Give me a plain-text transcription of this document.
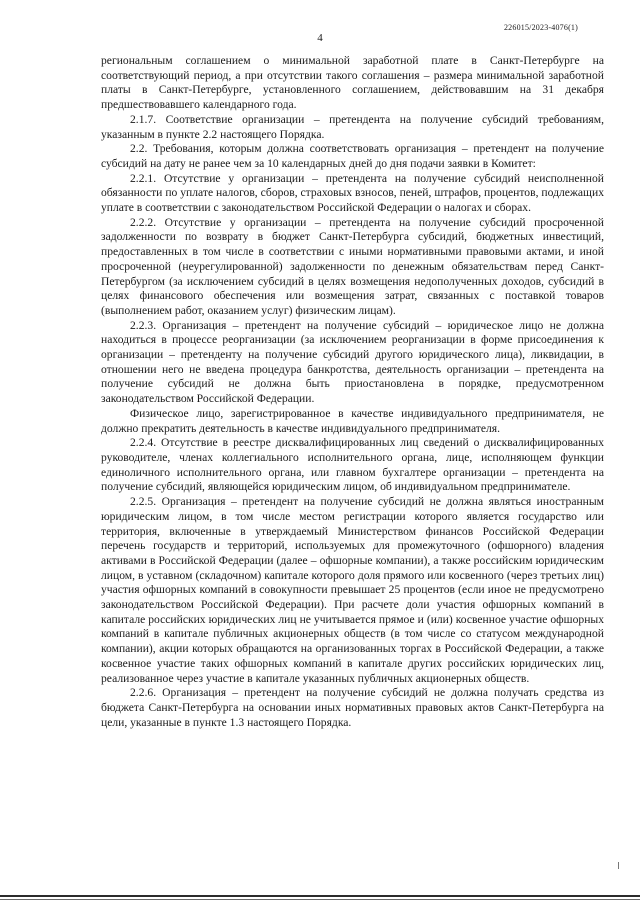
226015/2023-4076(1)
4

региональным соглашением о минимальной заработной плате в Санкт-Петербурге на соответствующий период, а при отсутствии такого соглашения – размера минимальной заработной платы в Санкт-Петербурге, установленного соглашением, действовавшим на 31 декабря предшествовавшего календарного года.

2.1.7. Соответствие организации – претендента на получение субсидий требованиям, указанным в пункте 2.2 настоящего Порядка.

2.2. Требования, которым должна соответствовать организация – претендент на получение субсидий на дату не ранее чем за 10 календарных дней до дня подачи заявки в Комитет:

2.2.1. Отсутствие у организации – претендента на получение субсидий неисполненной обязанности по уплате налогов, сборов, страховых взносов, пеней, штрафов, процентов, подлежащих уплате в соответствии с законодательством Российской Федерации о налогах и сборах.

2.2.2. Отсутствие у организации – претендента на получение субсидий просроченной задолженности по возврату в бюджет Санкт-Петербурга субсидий, бюджетных инвестиций, предоставленных в том числе в соответствии с иными нормативными правовыми актами, и иной просроченной (неурегулированной) задолженности по денежным обязательствам перед Санкт-Петербургом (за исключением субсидий в целях возмещения недополученных доходов, субсидий в целях финансового обеспечения или возмещения затрат, связанных с поставкой товаров (выполнением работ, оказанием услуг) физическим лицам).

2.2.3. Организация – претендент на получение субсидий – юридическое лицо не должна находиться в процессе реорганизации (за исключением реорганизации в форме присоединения к организации – претенденту на получение субсидий другого юридического лица), ликвидации, в отношении него не введена процедура банкротства, деятельность организации – претендента на получение субсидий не должна быть приостановлена в порядке, предусмотренном законодательством Российской Федерации.

Физическое лицо, зарегистрированное в качестве индивидуального предпринимателя, не должно прекратить деятельность в качестве индивидуального предпринимателя.

2.2.4. Отсутствие в реестре дисквалифицированных лиц сведений о дисквалифицированных руководителе, членах коллегиального исполнительного органа, лице, исполняющем функции единоличного исполнительного органа, или главном бухгалтере организации – претендента на получение субсидий, являющейся юридическим лицом, об индивидуальном предпринимателе.

2.2.5. Организация – претендент на получение субсидий не должна являться иностранным юридическим лицом, в том числе местом регистрации которого является государство или территория, включенные в утверждаемый Министерством финансов Российской Федерации перечень государств и территорий, используемых для промежуточного (офшорного) владения активами в Российской Федерации (далее – офшорные компании), а также российским юридическим лицом, в уставном (складочном) капитале которого доля прямого или косвенного (через третьих лиц) участия офшорных компаний в совокупности превышает 25 процентов (если иное не предусмотрено законодательством Российской Федерации). При расчете доли участия офшорных компаний в капитале российских юридических лиц не учитывается прямое и (или) косвенное участие офшорных компаний в капитале публичных акционерных обществ (в том числе со статусом международной компании), акции которых обращаются на организованных торгах в Российской Федерации, а также косвенное участие таких офшорных компаний в капитале других российских юридических лиц, реализованное через участие в капитале указанных публичных акционерных обществ.

2.2.6. Организация – претендент на получение субсидий не должна получать средства из бюджета Санкт-Петербурга на основании иных нормативных правовых актов Санкт-Петербурга на цели, указанные в пункте 1.3 настоящего Порядка.
